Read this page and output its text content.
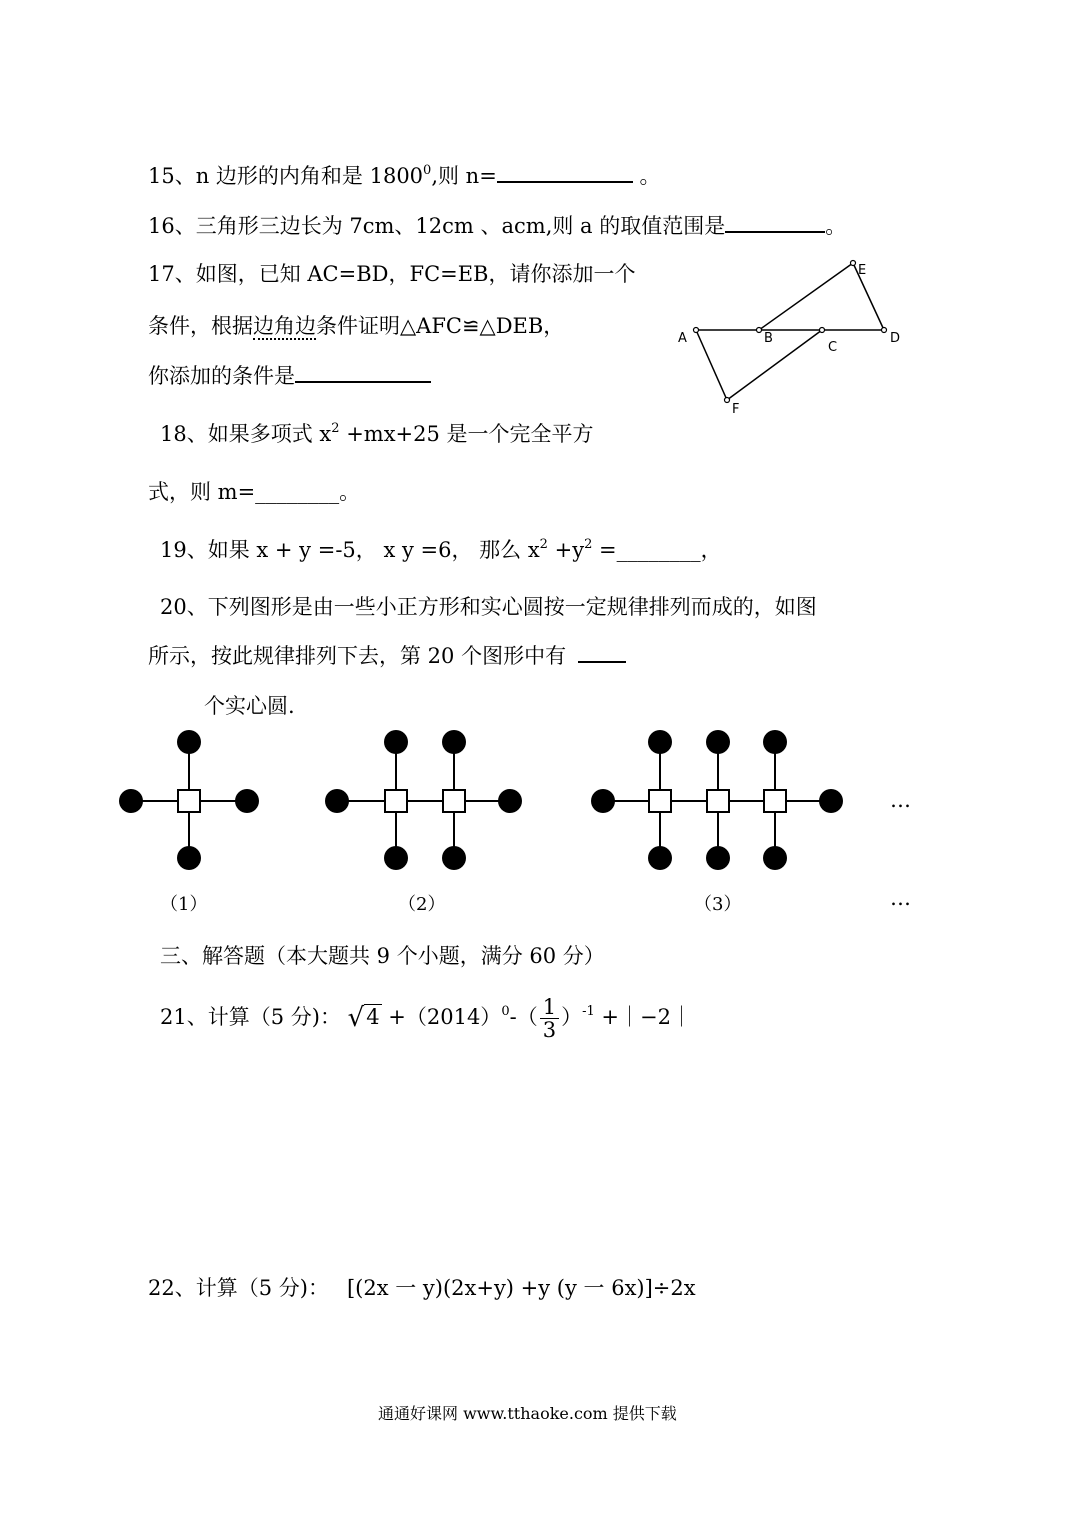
15、n 边形的内角和是 1800$^0$,则 n=	。
16、三角形三边长为 7cm、12cm 、acm,则 a 的取值范围是	。
17、如图，已知 AC=BD，FC=EB，请你添加一个
条件，根据边角边条件证明△AFC≌△DEB，
你添加的条件是
A	B
C
D
E
F
18、如果多项式 $x^2 +mx+25$ 是一个完全平方
式，则 m=________。
19、如果 x + y =-5， x y =6， 那么 $x^2 +y^2$ =________，
20、下列图形是由一些小正方形和实心圆按一定规律排列而成的，如图
所示，按此规律排列下去，第 20 个图形中有
个实心圆.
…
（1）	（2）	（3）	…
三、解答题（本大题共 9 个小题，满分 60 分）
21、计算（5 分)： $√4 +(2014)^0-( \frac{1}{3} )^{-1}$ +｜−2｜
22、计算（5 分)： [(2x 一 y)(2x+y) +y (y 一 6x)]÷2x
通通好课网 www.tthaoke.com 提供下载
